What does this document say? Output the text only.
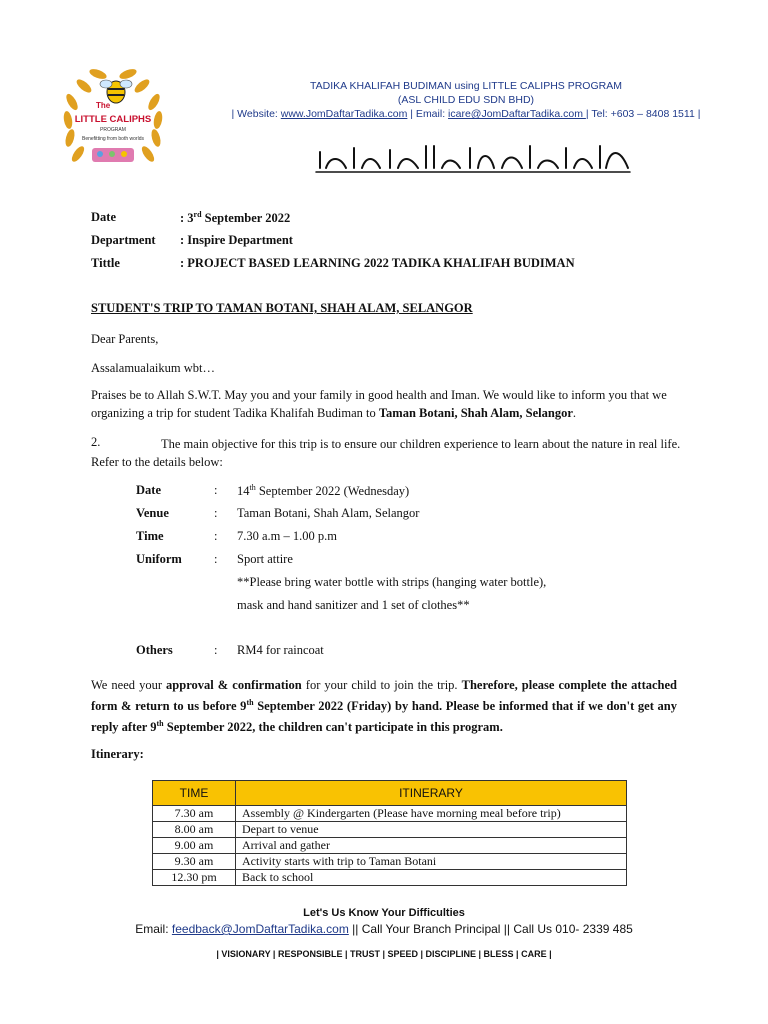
The
LITTLE CALIPHS
PROGRAM
Benefitting from both worlds
TADIKA KHALIFAH BUDIMAN using LITTLE CALIPHS PROGRAM
(ASL CHILD EDU SDN BHD)
| Website: www.JomDaftarTadika.com | Email: icare@JomDaftarTadika.com | Tel: +603 – 8408 1511 |
Date	: 3rd September 2022
Department : Inspire Department
Tittle	: PROJECT BASED LEARNING 2022 TADIKA KHALIFAH BUDIMAN
STUDENT'S TRIP TO TAMAN BOTANI, SHAH ALAM, SELANGOR
Dear Parents,
Assalamualaikum wbt…
Praises be to Allah S.W.T. May you and your family in good health and Iman. We would like to inform you that we organizing a trip for student Tadika Khalifah Budiman to Taman Botani, Shah Alam, Selangor.
2.	The main objective for this trip is to ensure our children experience to learn about the nature in real life. Refer to the details below:
Date	: 14th September 2022 (Wednesday)
Venue	: Taman Botani, Shah Alam, Selangor
Time	: 7.30 a.m – 1.00 p.m
Uniform	: Sport attire
**Please bring water bottle with strips (hanging water bottle),
mask and hand sanitizer and 1 set of clothes**
Others	: RM4 for raincoat
We need your approval & confirmation for your child to join the trip. Therefore, please complete the attached form & return to us before 9th September 2022 (Friday) by hand. Please be informed that if we don't get any reply after 9th September 2022, the children can't participate in this program.
Itinerary:
TIME	ITINERARY
7.30 am	Assembly @ Kindergarten (Please have morning meal before trip)
8.00 am	Depart to venue
9.00 am	Arrival and gather
9.30 am	Activity starts with trip to Taman Botani
12.30 pm	Back to school
Let's Us Know Your Difficulties
Email: feedback@JomDaftarTadika.com || Call Your Branch Principal || Call Us 010- 2339 485
| VISIONARY | RESPONSIBLE | TRUST | SPEED | DISCIPLINE | BLESS | CARE |
